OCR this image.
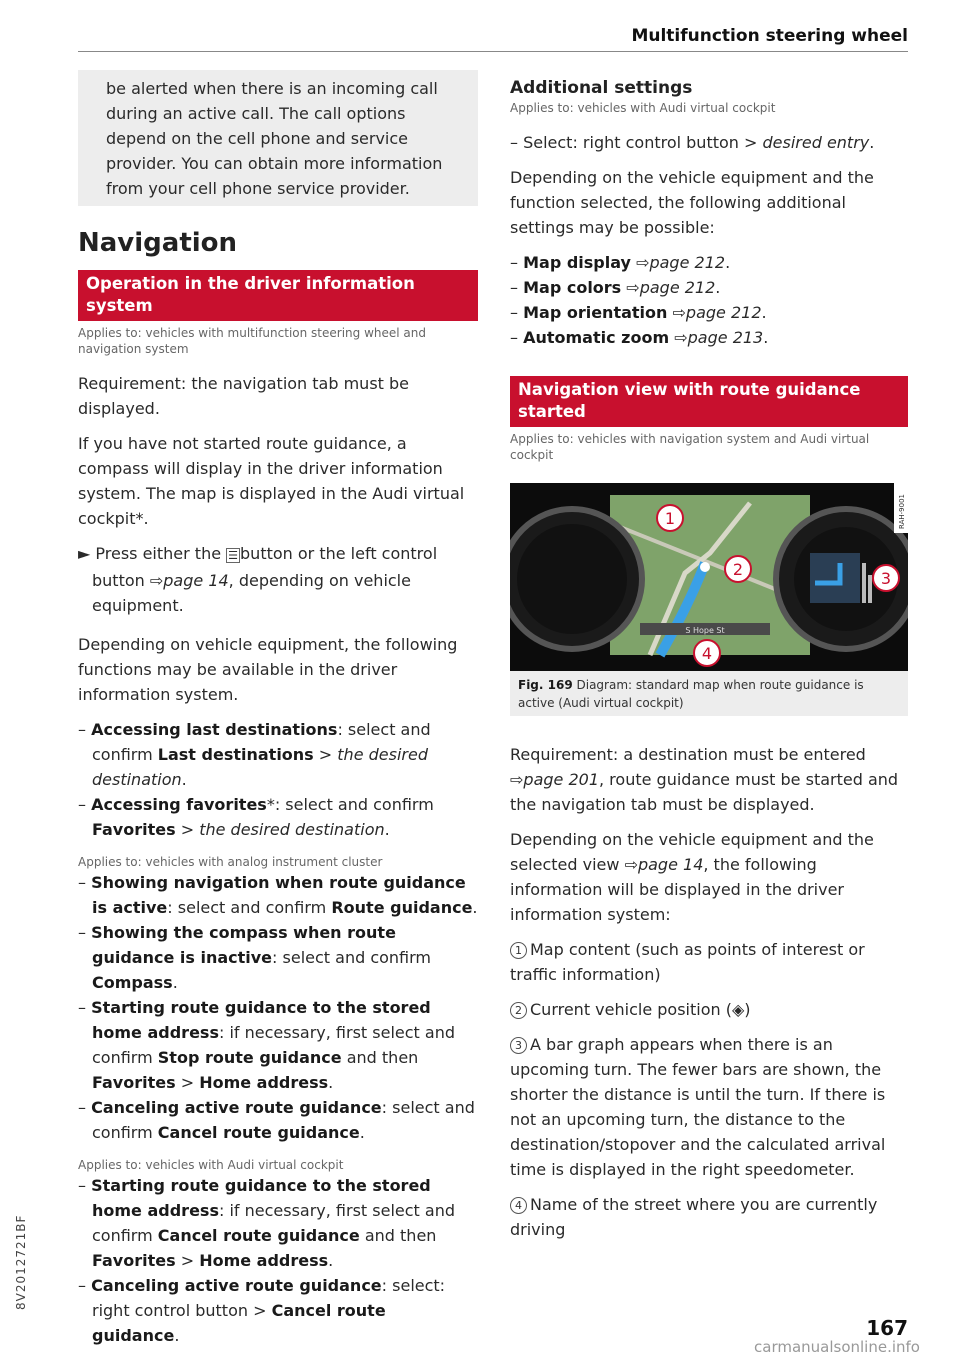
Multifunction steering wheel
be alerted when there is an incoming call during an active call. The call options depend on the cell phone and service provider. You can obtain more information from your cell phone service provider.
Navigation
Operation in the driver information system
Applies to: vehicles with multifunction steering wheel and navigation system

Requirement: the navigation tab must be displayed.

If you have not started route guidance, a compass will display in the driver information system. The map is displayed in the Audi virtual cockpit*.

► Press either the ☰ button or the left control button ⇨page 14, depending on vehicle equipment.

Depending on vehicle equipment, the following functions may be available in the driver information system.

– Accessing last destinations: select and confirm Last destinations > the desired destination.
– Accessing favorites*: select and confirm Favorites > the desired destination.
Applies to: vehicles with analog instrument cluster
– Showing navigation when route guidance is active: select and confirm Route guidance.
– Showing the compass when route guidance is inactive: select and confirm Compass.
– Starting route guidance to the stored home address: if necessary, first select and confirm Stop route guidance and then Favorites > Home address.
– Canceling active route guidance: select and confirm Cancel route guidance.
Applies to: vehicles with Audi virtual cockpit
– Starting route guidance to the stored home address: if necessary, first select and confirm Cancel route guidance and then Favorites > Home address.
– Canceling active route guidance: select: right control button > Cancel route guidance.
Additional settings
Applies to: vehicles with Audi virtual cockpit

– Select: right control button > desired entry.

Depending on the vehicle equipment and the function selected, the following additional settings may be possible:

– Map display ⇨page 212.
– Map colors ⇨page 212.
– Map orientation ⇨page 212.
– Automatic zoom ⇨page 213.
Navigation view with route guidance started
Applies to: vehicles with navigation system and Audi virtual cockpit
S Hope St
1
2	3
4
RAH-9001
Fig. 169 Diagram: standard map when route guidance is active (Audi virtual cockpit)

Requirement: a destination must be entered ⇨page 201, route guidance must be started and the navigation tab must be displayed.

Depending on the vehicle equipment and the selected view ⇨page 14, the following information will be displayed in the driver information system:

1 Map content (such as points of interest or traffic information)

2 Current vehicle position (◈)

3 A bar graph appears when there is an upcoming turn. The fewer bars are shown, the shorter the distance is until the turn. If there is not an upcoming turn, the distance to the destination/stopover and the calculated arrival time is displayed in the right speedometer.

4 Name of the street where you are currently driving

8V2012721BF
167
carmanualsonline.info
